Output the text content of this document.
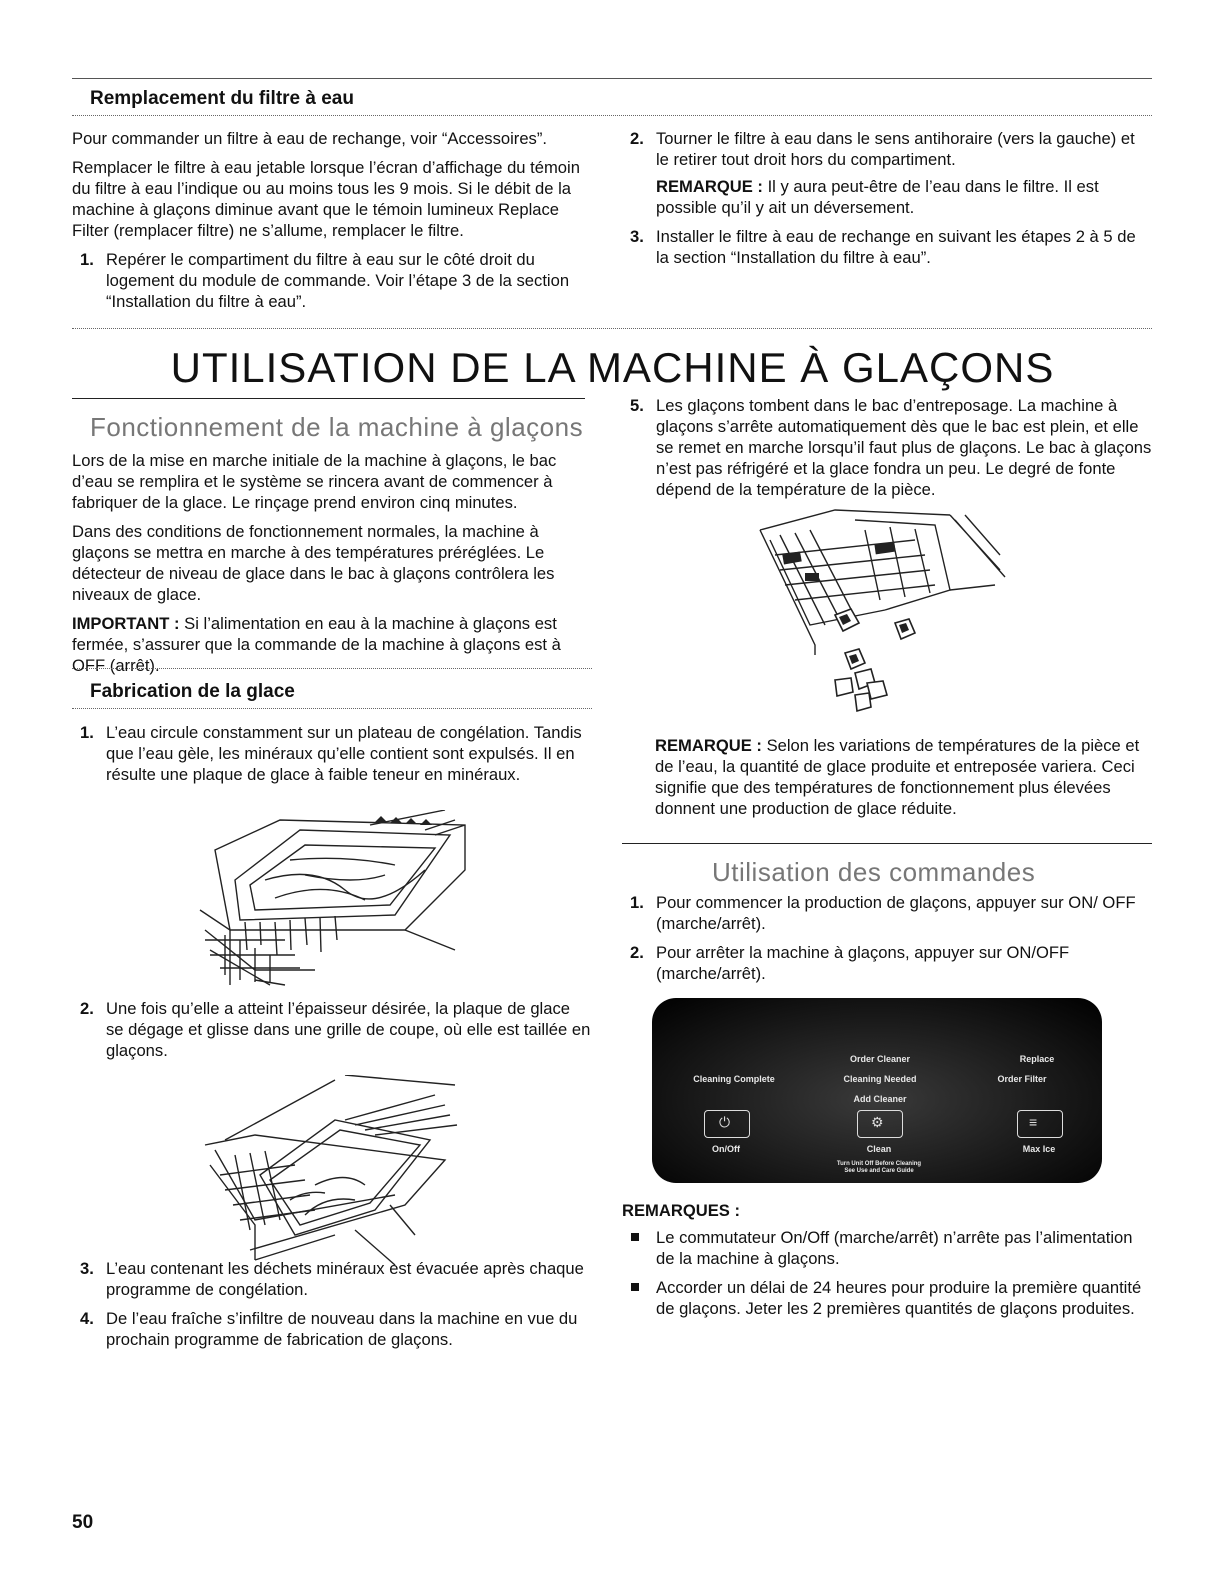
Remplacement du filtre à eau

Pour commander un filtre à eau de rechange, voir “Accessoires”.

Remplacer le filtre à eau jetable lorsque l’écran d’affichage du témoin du filtre à eau l’indique ou au moins tous les 9 mois. Si le débit de la machine à glaçons diminue avant que le témoin lumineux Replace Filter (remplacer filtre) ne s’allume, remplacer le filtre.

1. Repérer le compartiment du filtre à eau sur le côté droit du logement du module de commande. Voir l’étape 3 de la section “Installation du filtre à eau”.
2. Tourner le filtre à eau dans le sens antihoraire (vers la gauche) et le retirer tout droit hors du compartiment.
REMARQUE : Il y aura peut-être de l’eau dans le filtre. Il est possible qu’il y ait un déversement.
3. Installer le filtre à eau de rechange en suivant les étapes 2 à 5 de la section “Installation du filtre à eau”.
UTILISATION DE LA MACHINE À GLAÇONS
Fonctionnement de la machine à glaçons

Lors de la mise en marche initiale de la machine à glaçons, le bac d’eau se remplira et le système se rincera avant de commencer à fabriquer de la glace. Le rinçage prend environ cinq minutes.

Dans des conditions de fonctionnement normales, la machine à glaçons se mettra en marche à des températures préréglées. Le détecteur de niveau de glace dans le bac à glaçons contrôlera les niveaux de glace.

IMPORTANT : Si l’alimentation en eau à la machine à glaçons est fermée, s’assurer que la commande de la machine à glaçons est à OFF (arrêt).

Fabrication de la glace
1. L’eau circule constamment sur un plateau de congélation. Tandis que l’eau gèle, les minéraux qu’elle contient sont expulsés. Il en résulte une plaque de glace à faible teneur en minéraux.
2. Une fois qu’elle a atteint l’épaisseur désirée, la plaque de glace se dégage et glisse dans une grille de coupe, où elle est taillée en glaçons.
3. L’eau contenant les déchets minéraux est évacuée après chaque programme de congélation.
4. De l’eau fraîche s’infiltre de nouveau dans la machine en vue du prochain programme de fabrication de glaçons.
5. Les glaçons tombent dans le bac d’entreposage. La machine à glaçons s’arrête automatiquement dès que le bac est plein, et elle se remet en marche lorsqu’il faut plus de glaçons. Le bac à glaçons n’est pas réfrigéré et la glace fondra un peu. Le degré de fonte dépend de la température de la pièce.

REMARQUE : Selon les variations de températures de la pièce et de l’eau, la quantité de glace produite et entreposée variera. Ceci signifie que des températures de fonctionnement plus élevées donnent une production de glace réduite.

Utilisation des commandes
1. Pour commencer la production de glaçons, appuyer sur ON/ OFF (marche/arrêt).
2. Pour arrêter la machine à glaçons, appuyer sur ON/OFF (marche/arrêt).
Cleaning Complete
Order Cleaner
Cleaning Needed
Add Cleaner
Replace
Order Filter
⏻	⚙	≡
On/Off	Clean
Turn Unit Off Before Cleaning
See Use and Care Guide
Max Ice

REMARQUES :

Le commutateur On/Off (marche/arrêt) n’arrête pas l’alimentation de la machine à glaçons.
Accorder un délai de 24 heures pour produire la première quantité de glaçons. Jeter les 2 premières quantités de glaçons produites.
50
